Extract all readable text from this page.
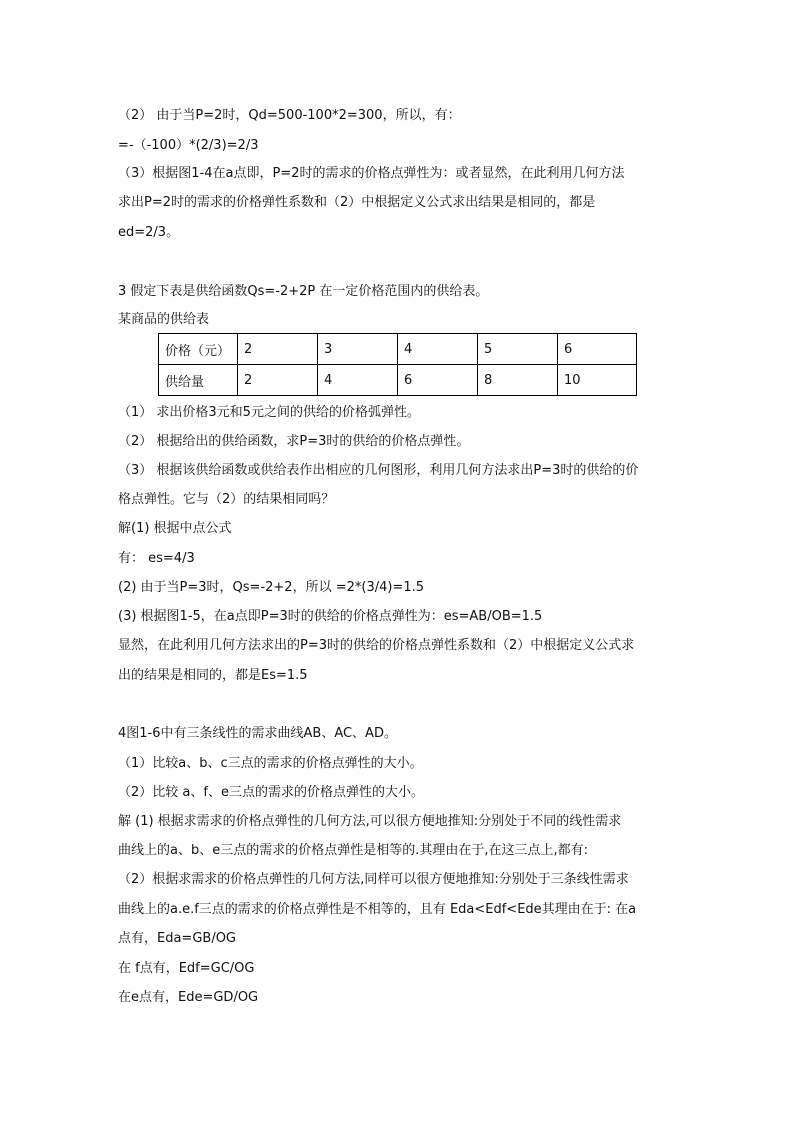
（2） 由于当P=2时，Qd=500-100*2=300，所以，有：
=-（-100）*(2/3)=2/3
（3）根据图1-4在a点即，P=2时的需求的价格点弹性为：或者显然，在此利用几何方法
求出P=2时的需求的价格弹性系数和（2）中根据定义公式求出结果是相同的，都是
ed=2/3。
3 假定下表是供给函数Qs=-2+2P 在一定价格范围内的供给表。
某商品的供给表
（1） 求出价格3元和5元之间的供给的价格弧弹性。
（2） 根据给出的供给函数，求P=3时的供给的价格点弹性。
（3） 根据该供给函数或供给表作出相应的几何图形，利用几何方法求出P=3时的供给的价
格点弹性。它与（2）的结果相同吗？
解(1) 根据中点公式
有： es=4/3
(2) 由于当P=3时，Qs=-2+2，所以 =2*(3/4)=1.5
(3) 根据图1-5，在a点即P=3时的供给的价格点弹性为：es=AB/OB=1.5
显然，在此利用几何方法求出的P=3时的供给的价格点弹性系数和（2）中根据定义公式求
出的结果是相同的，都是Es=1.5
4图1-6中有三条线性的需求曲线AB、AC、AD。
（1）比较a、b、c三点的需求的价格点弹性的大小。
（2）比较 a、f、e三点的需求的价格点弹性的大小。
解 (1) 根据求需求的价格点弹性的几何方法,可以很方便地推知:分别处于不同的线性需求
曲线上的a、b、e三点的需求的价格点弹性是相等的.其理由在于,在这三点上,都有:
（2）根据求需求的价格点弹性的几何方法,同样可以很方便地推知:分别处于三条线性需求
曲线上的a.e.f三点的需求的价格点弹性是不相等的，且有 Eda<Edf<Ede其理由在于: 在a
点有，Eda=GB/OG
在 f点有，Edf=GC/OG
在e点有，Ede=GD/OG
价格（元）	2	3	4	5	6
供给量	2	4	6	8	10
